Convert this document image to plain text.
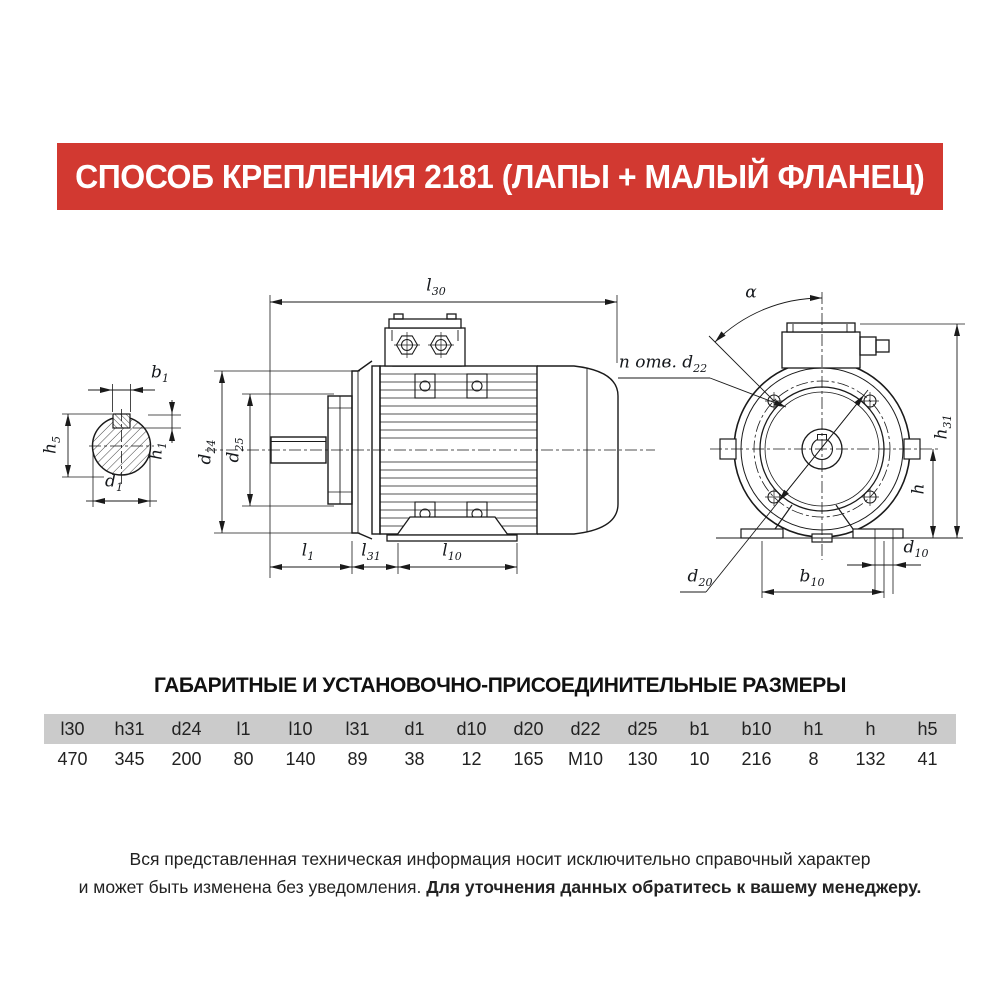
СПОСОБ КРЕПЛЕНИЯ 2181 (ЛАПЫ + МАЛЫЙ ФЛАНЕЦ)
$b_1$
$h_5$
$h_1$
$d_1$
$l_{30}$
$d_{24}$
$d_{25}$
$l_1$	$l_{31}$	$l_{10}$
n отв. $d_{22}$
α
$h_{31}$
h
$d_{10}$
$b_{10}$
$d_{20}$
ГАБАРИТНЫЕ И УСТАНОВОЧНО-ПРИСОЕДИНИТЕЛЬНЫЕ РАЗМЕРЫ
l30	h31	d24	l1	l10	l31	d1	d10	d20	d22	d25	b1	b10	h1	h	h5
470	345	200	80	140	89	38	12	165	M10	130	10	216	8	132	41
Вся представленная техническая информация носит исключительно справочный характер
и может быть изменена без уведомления. Для уточнения данных обратитесь к вашему менеджеру.
